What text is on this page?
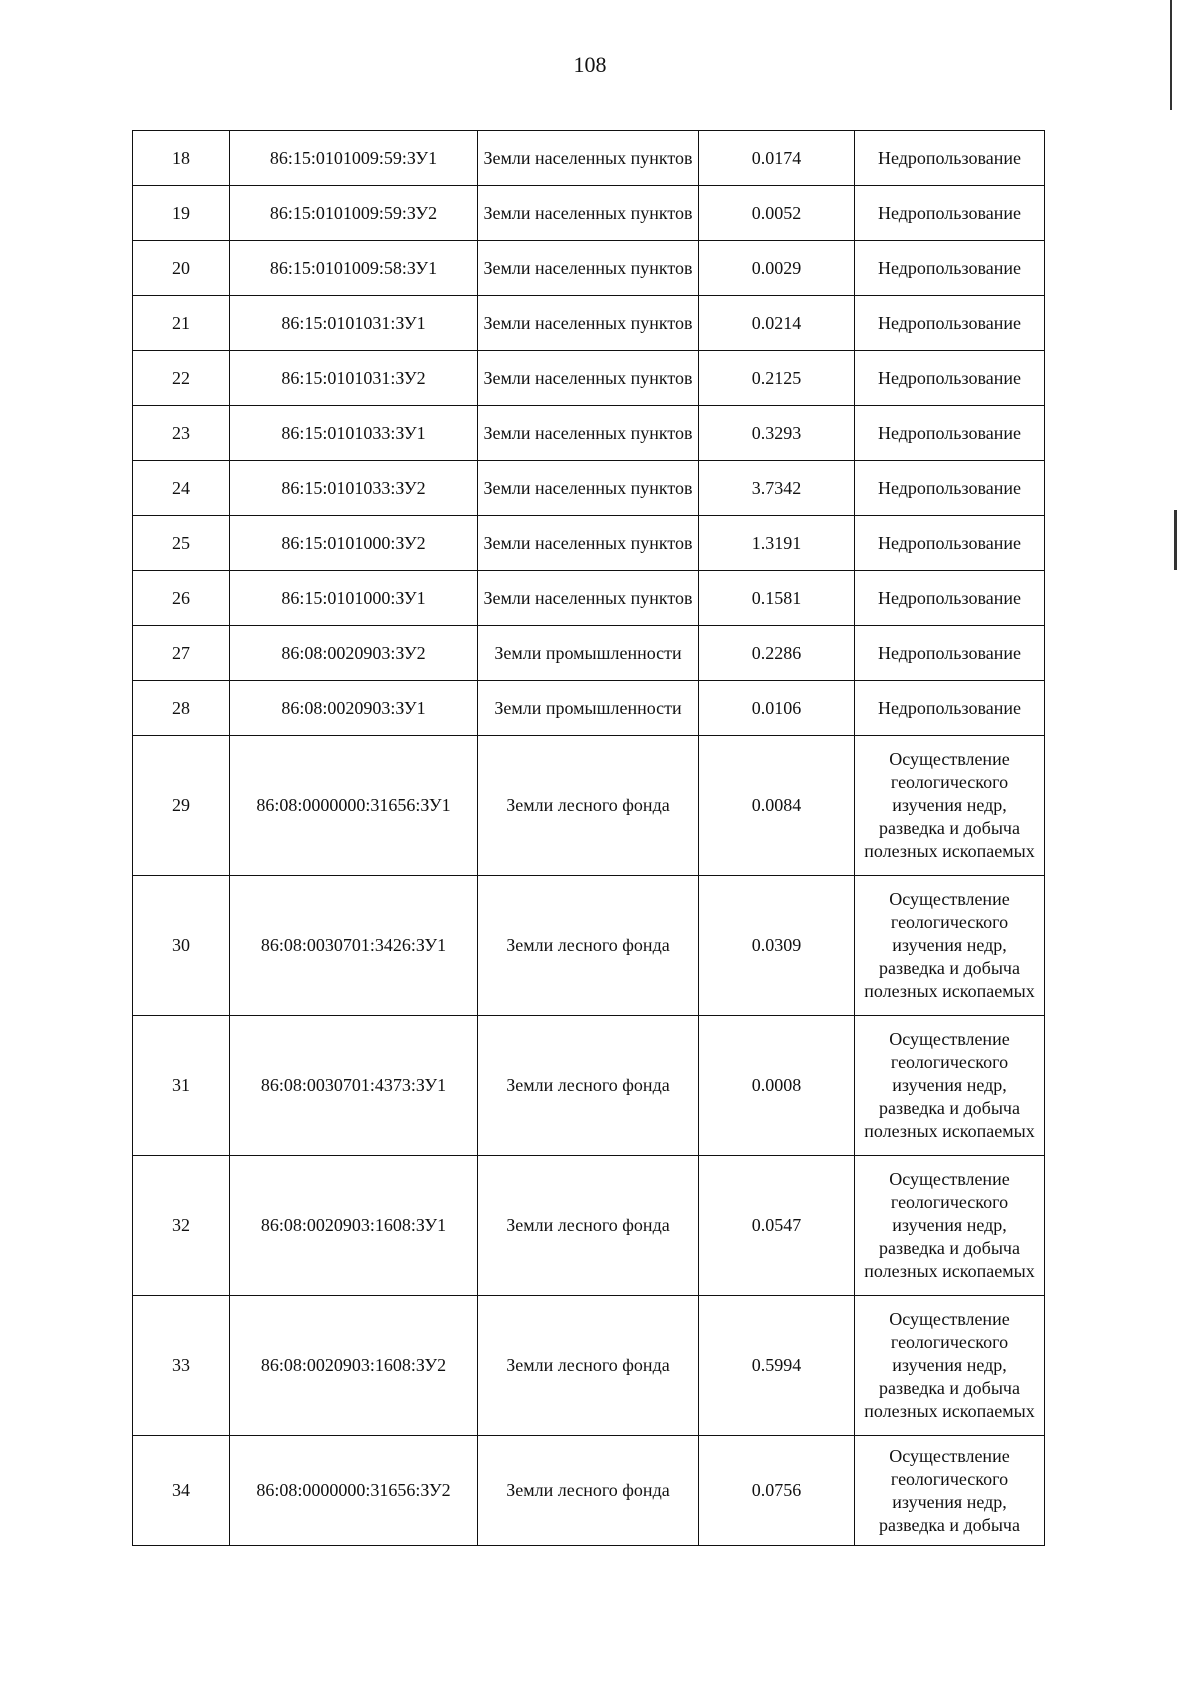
108
18	86:15:0101009:59:ЗУ1	Земли населенных пунктов	0.0174	Недропользование
19	86:15:0101009:59:ЗУ2	Земли населенных пунктов	0.0052	Недропользование
20	86:15:0101009:58:ЗУ1	Земли населенных пунктов	0.0029	Недропользование
21	86:15:0101031:ЗУ1	Земли населенных пунктов	0.0214	Недропользование
22	86:15:0101031:ЗУ2	Земли населенных пунктов	0.2125	Недропользование
23	86:15:0101033:ЗУ1	Земли населенных пунктов	0.3293	Недропользование
24	86:15:0101033:ЗУ2	Земли населенных пунктов	3.7342	Недропользование
25	86:15:0101000:ЗУ2	Земли населенных пунктов	1.3191	Недропользование
26	86:15:0101000:ЗУ1	Земли населенных пунктов	0.1581	Недропользование
27	86:08:0020903:ЗУ2	Земли промышленности	0.2286	Недропользование
28	86:08:0020903:ЗУ1	Земли промышленности	0.0106	Недропользование
29	86:08:0000000:31656:ЗУ1	Земли лесного фонда	0.0084	Осуществление геологического изучения недр, разведка и добыча полезных ископаемых
30	86:08:0030701:3426:ЗУ1	Земли лесного фонда	0.0309	Осуществление геологического изучения недр, разведка и добыча полезных ископаемых
31	86:08:0030701:4373:ЗУ1	Земли лесного фонда	0.0008	Осуществление геологического изучения недр, разведка и добыча полезных ископаемых
32	86:08:0020903:1608:ЗУ1	Земли лесного фонда	0.0547	Осуществление геологического изучения недр, разведка и добыча полезных ископаемых
33	86:08:0020903:1608:ЗУ2	Земли лесного фонда	0.5994	Осуществление геологического изучения недр, разведка и добыча полезных ископаемых
34	86:08:0000000:31656:ЗУ2	Земли лесного фонда	0.0756	Осуществление геологического изучения недр, разведка и добыча
